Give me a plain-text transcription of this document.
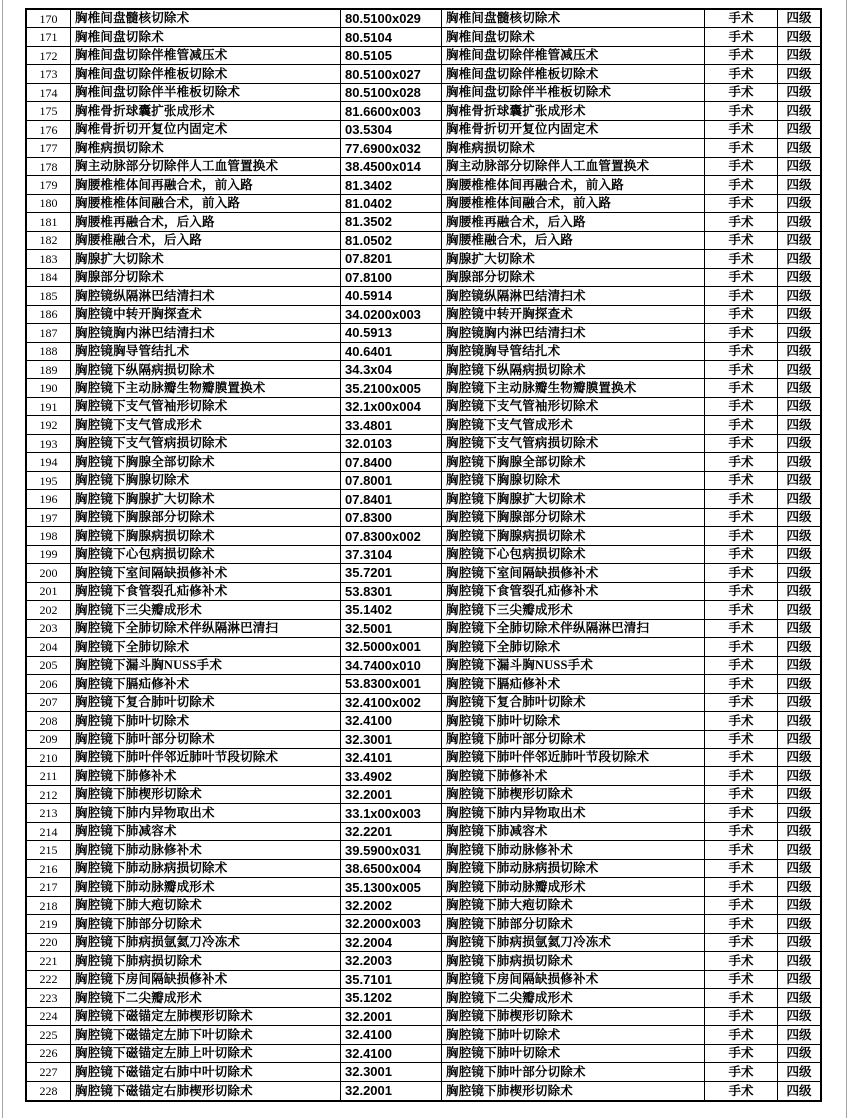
170	胸椎间盘髓核切除术	80.5100x029	胸椎间盘髓核切除术	手术	四级
171	胸椎间盘切除术	80.5104	胸椎间盘切除术	手术	四级
172	胸椎间盘切除伴椎管减压术	80.5105	胸椎间盘切除伴椎管减压术	手术	四级
173	胸椎间盘切除伴椎板切除术	80.5100x027	胸椎间盘切除伴椎板切除术	手术	四级
174	胸椎间盘切除伴半椎板切除术	80.5100x028	胸椎间盘切除伴半椎板切除术	手术	四级
175	胸椎骨折球囊扩张成形术	81.6600x003	胸椎骨折球囊扩张成形术	手术	四级
176	胸椎骨折切开复位内固定术	03.5304	胸椎骨折切开复位内固定术	手术	四级
177	胸椎病损切除术	77.6900x032	胸椎病损切除术	手术	四级
178	胸主动脉部分切除伴人工血管置换术	38.4500x014	胸主动脉部分切除伴人工血管置换术	手术	四级
179	胸腰椎椎体间再融合术，前入路	81.3402	胸腰椎椎体间再融合术，前入路	手术	四级
180	胸腰椎椎体间融合术，前入路	81.0402	胸腰椎椎体间融合术，前入路	手术	四级
181	胸腰椎再融合术，后入路	81.3502	胸腰椎再融合术，后入路	手术	四级
182	胸腰椎融合术，后入路	81.0502	胸腰椎融合术，后入路	手术	四级
183	胸腺扩大切除术	07.8201	胸腺扩大切除术	手术	四级
184	胸腺部分切除术	07.8100	胸腺部分切除术	手术	四级
185	胸腔镜纵隔淋巴结清扫术	40.5914	胸腔镜纵隔淋巴结清扫术	手术	四级
186	胸腔镜中转开胸探查术	34.0200x003	胸腔镜中转开胸探查术	手术	四级
187	胸腔镜胸内淋巴结清扫术	40.5913	胸腔镜胸内淋巴结清扫术	手术	四级
188	胸腔镜胸导管结扎术	40.6401	胸腔镜胸导管结扎术	手术	四级
189	胸腔镜下纵隔病损切除术	34.3x04	胸腔镜下纵隔病损切除术	手术	四级
190	胸腔镜下主动脉瓣生物瓣膜置换术	35.2100x005	胸腔镜下主动脉瓣生物瓣膜置换术	手术	四级
191	胸腔镜下支气管袖形切除术	32.1x00x004	胸腔镜下支气管袖形切除术	手术	四级
192	胸腔镜下支气管成形术	33.4801	胸腔镜下支气管成形术	手术	四级
193	胸腔镜下支气管病损切除术	32.0103	胸腔镜下支气管病损切除术	手术	四级
194	胸腔镜下胸腺全部切除术	07.8400	胸腔镜下胸腺全部切除术	手术	四级
195	胸腔镜下胸腺切除术	07.8001	胸腔镜下胸腺切除术	手术	四级
196	胸腔镜下胸腺扩大切除术	07.8401	胸腔镜下胸腺扩大切除术	手术	四级
197	胸腔镜下胸腺部分切除术	07.8300	胸腔镜下胸腺部分切除术	手术	四级
198	胸腔镜下胸腺病损切除术	07.8300x002	胸腔镜下胸腺病损切除术	手术	四级
199	胸腔镜下心包病损切除术	37.3104	胸腔镜下心包病损切除术	手术	四级
200	胸腔镜下室间隔缺损修补术	35.7201	胸腔镜下室间隔缺损修补术	手术	四级
201	胸腔镜下食管裂孔疝修补术	53.8301	胸腔镜下食管裂孔疝修补术	手术	四级
202	胸腔镜下三尖瓣成形术	35.1402	胸腔镜下三尖瓣成形术	手术	四级
203	胸腔镜下全肺切除术伴纵隔淋巴清扫	32.5001	胸腔镜下全肺切除术伴纵隔淋巴清扫	手术	四级
204	胸腔镜下全肺切除术	32.5000x001	胸腔镜下全肺切除术	手术	四级
205	胸腔镜下漏斗胸NUSS手术	34.7400x010	胸腔镜下漏斗胸NUSS手术	手术	四级
206	胸腔镜下膈疝修补术	53.8300x001	胸腔镜下膈疝修补术	手术	四级
207	胸腔镜下复合肺叶切除术	32.4100x002	胸腔镜下复合肺叶切除术	手术	四级
208	胸腔镜下肺叶切除术	32.4100	胸腔镜下肺叶切除术	手术	四级
209	胸腔镜下肺叶部分切除术	32.3001	胸腔镜下肺叶部分切除术	手术	四级
210	胸腔镜下肺叶伴邻近肺叶节段切除术	32.4101	胸腔镜下肺叶伴邻近肺叶节段切除术	手术	四级
211	胸腔镜下肺修补术	33.4902	胸腔镜下肺修补术	手术	四级
212	胸腔镜下肺楔形切除术	32.2001	胸腔镜下肺楔形切除术	手术	四级
213	胸腔镜下肺内异物取出术	33.1x00x003	胸腔镜下肺内异物取出术	手术	四级
214	胸腔镜下肺减容术	32.2201	胸腔镜下肺减容术	手术	四级
215	胸腔镜下肺动脉修补术	39.5900x031	胸腔镜下肺动脉修补术	手术	四级
216	胸腔镜下肺动脉病损切除术	38.6500x004	胸腔镜下肺动脉病损切除术	手术	四级
217	胸腔镜下肺动脉瓣成形术	35.1300x005	胸腔镜下肺动脉瓣成形术	手术	四级
218	胸腔镜下肺大疱切除术	32.2002	胸腔镜下肺大疱切除术	手术	四级
219	胸腔镜下肺部分切除术	32.2000x003	胸腔镜下肺部分切除术	手术	四级
220	胸腔镜下肺病损氩氦刀冷冻术	32.2004	胸腔镜下肺病损氩氦刀冷冻术	手术	四级
221	胸腔镜下肺病损切除术	32.2003	胸腔镜下肺病损切除术	手术	四级
222	胸腔镜下房间隔缺损修补术	35.7101	胸腔镜下房间隔缺损修补术	手术	四级
223	胸腔镜下二尖瓣成形术	35.1202	胸腔镜下二尖瓣成形术	手术	四级
224	胸腔镜下磁锚定左肺楔形切除术	32.2001	胸腔镜下肺楔形切除术	手术	四级
225	胸腔镜下磁锚定左肺下叶切除术	32.4100	胸腔镜下肺叶切除术	手术	四级
226	胸腔镜下磁锚定左肺上叶切除术	32.4100	胸腔镜下肺叶切除术	手术	四级
227	胸腔镜下磁锚定右肺中叶切除术	32.3001	胸腔镜下肺叶部分切除术	手术	四级
228	胸腔镜下磁锚定右肺楔形切除术	32.2001	胸腔镜下肺楔形切除术	手术	四级
